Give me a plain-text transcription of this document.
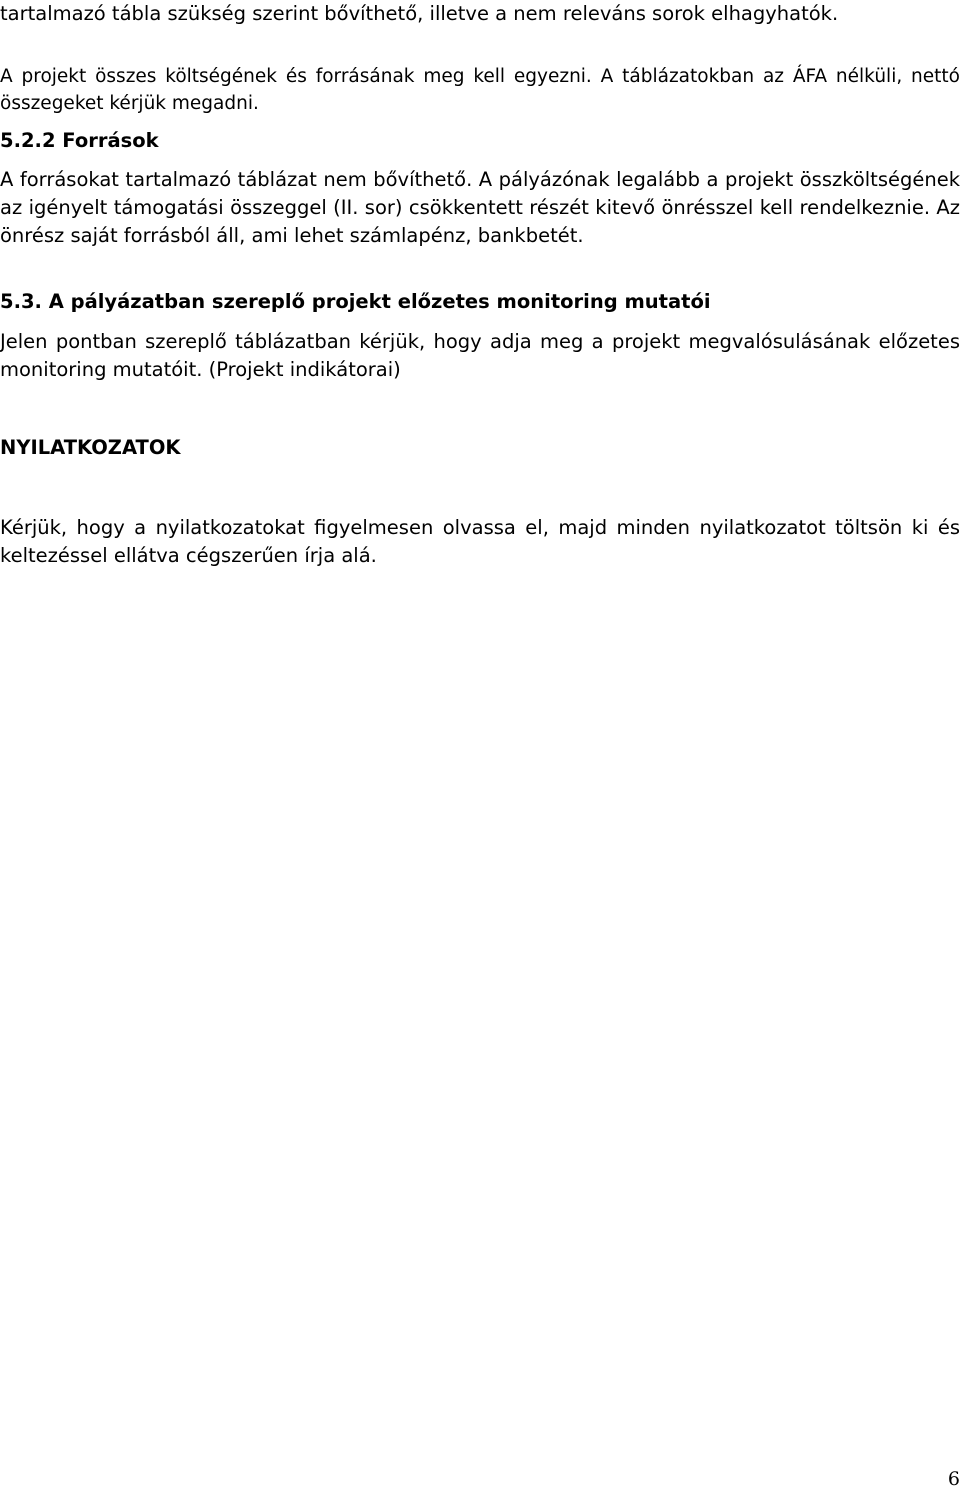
tartalmazó tábla szükség szerint bővíthető, illetve a nem releváns sorok elhagyhatók.

A projekt összes költségének és forrásának meg kell egyezni. A táblázatokban az ÁFA nélküli, nettó összegeket kérjük megadni.

5.2.2 Források

A forrásokat tartalmazó táblázat nem bővíthető. A pályázónak legalább a projekt összköltségének az igényelt támogatási összeggel (II. sor) csökkentett részét kitevő önrésszel kell rendelkeznie. Az önrész saját forrásból áll, ami lehet számlapénz, bankbetét.

5.3. A pályázatban szereplő projekt előzetes monitoring mutatói

Jelen pontban szereplő táblázatban kérjük, hogy adja meg a projekt megvalósulásának előzetes monitoring mutatóit. (Projekt indikátorai)

NYILATKOZATOK

Kérjük, hogy a nyilatkozatokat figyelmesen olvassa el, majd minden nyilatkozatot töltsön ki és keltezéssel ellátva cégszerűen írja alá.

6
